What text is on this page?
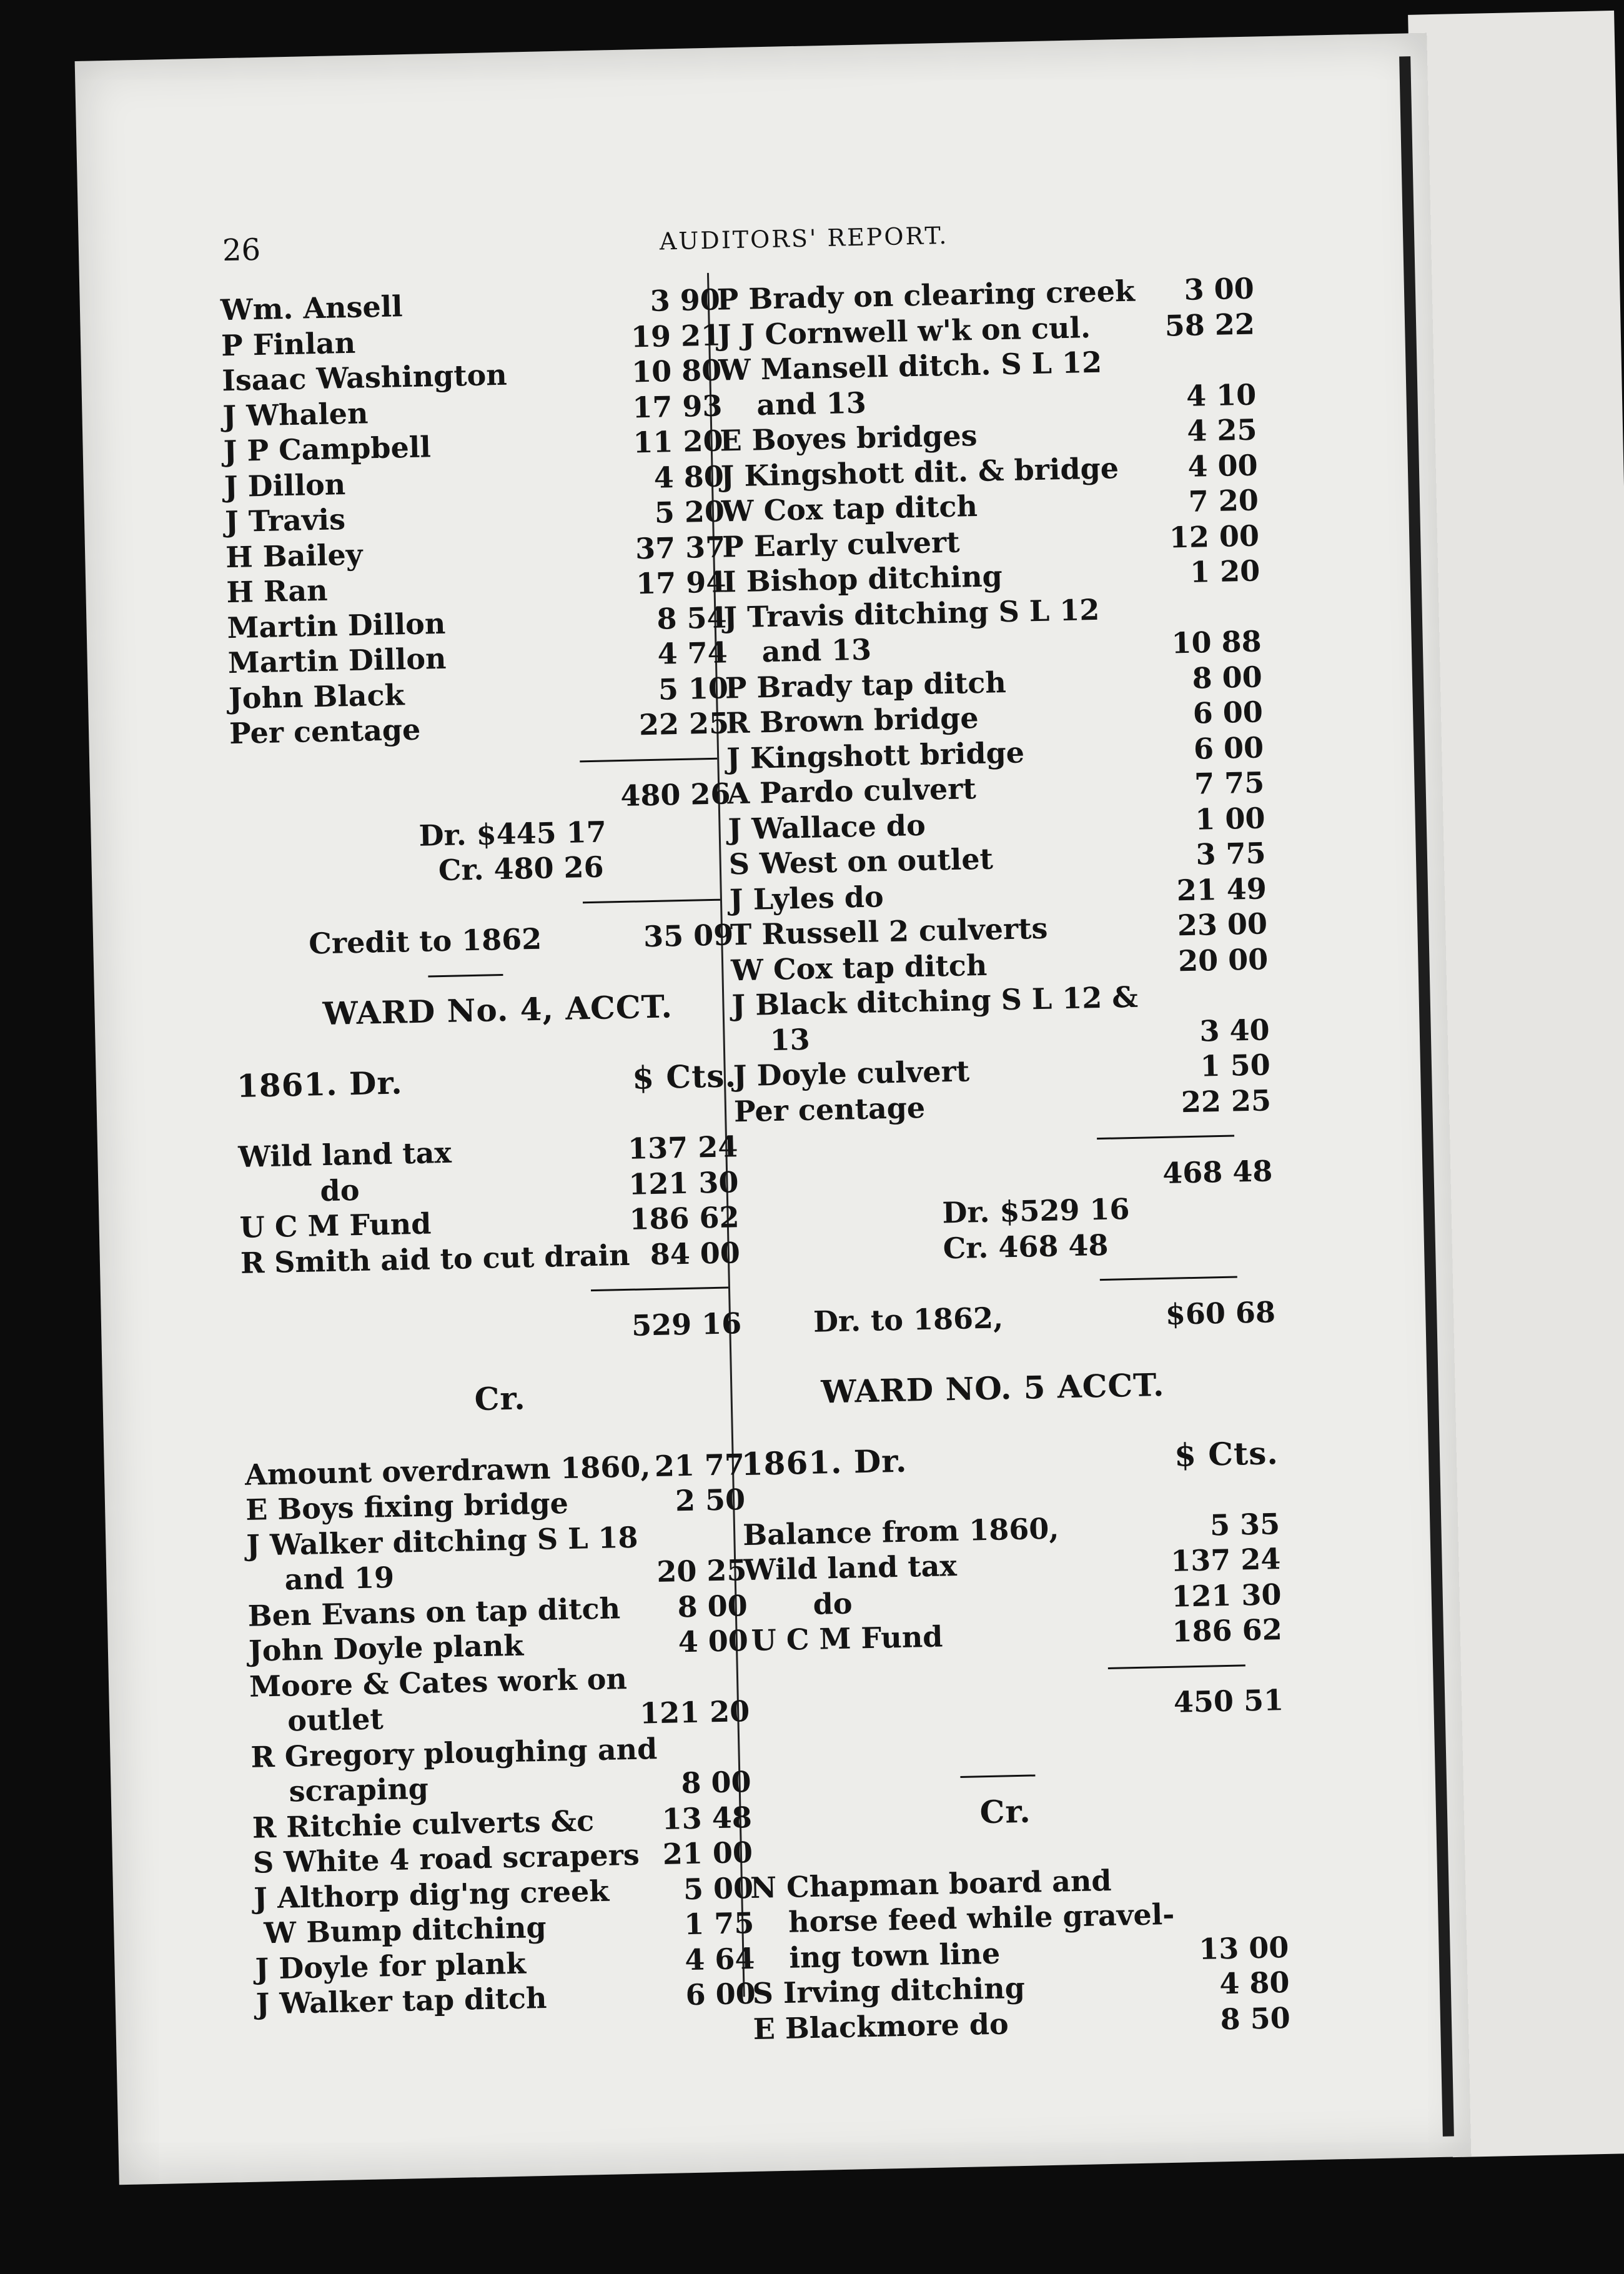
26	AUDITORS' REPORT.
Wm. Ansell	3 90
P Finlan	19 21
Isaac Washington	10 80
J Whalen	17 93
J P Campbell	11 20
J Dillon	4 80
J Travis	5 20
H Bailey	37 37
H Ran	17 94
Martin Dillon	8 54
Martin Dillon	4 74
John Black	5 10
Per centage	22 25
480 26
Dr. $445 17
Cr. 480 26
Credit to 1862	35 09
WARD No. 4, ACCT.
1861. Dr.	$ Cts.
Wild land tax	137 24
do	121 30
U C M Fund	186 62
R Smith aid to cut drain 84 00
529 16
Cr.
Amount overdrawn 1860, 21 77
E Boys fixing bridge	2 50
J Walker ditching S L 18
and 19	20 25
Ben Evans on tap ditch 8 00
John Doyle plank	4 00
Moore & Cates work on
outlet	121 20
R Gregory ploughing and
scraping	8 00
R Ritchie culverts &c 13 48
S White 4 road scrapers 21 00
J Althorp dig'ng creek	5 00
W Bump ditching	1 75
J Doyle for plank	4 64
J Walker tap ditch	6 00
P Brady on clearing creek 3 00
J J Cornwell w'k on cul.	58 22
W Mansell ditch. S L 12
and 13	4 10
E Boyes bridges	4 25
J Kingshott dit. & bridge 4 00
W Cox tap ditch	7 20
P Early culvert	12 00
I Bishop ditching	1 20
J Travis ditching S L 12
and 13	10 88
P Brady tap ditch	8 00
R Brown bridge	6 00
J Kingshott bridge	6 00
A Pardo culvert	7 75
J Wallace do	1 00
S West on outlet	3 75
J Lyles do	21 49
T Russell 2 culverts	23 00
W Cox tap ditch	20 00
J Black ditching S L 12 &
13	3 40
J Doyle culvert	1 50
Per centage	22 25
468 48
Dr. $529 16
Cr. 468 48
Dr. to 1862,	$60 68
WARD NO. 5 ACCT.
1861. Dr.	$ Cts.
Balance from 1860,	5 35
Wild land tax	137 24
do	121 30
U C M Fund	186 62
450 51
Cr.
N Chapman board and
horse feed while gravel-
ing town line	13 00
S Irving ditching	4 80
E Blackmore do	8 50
